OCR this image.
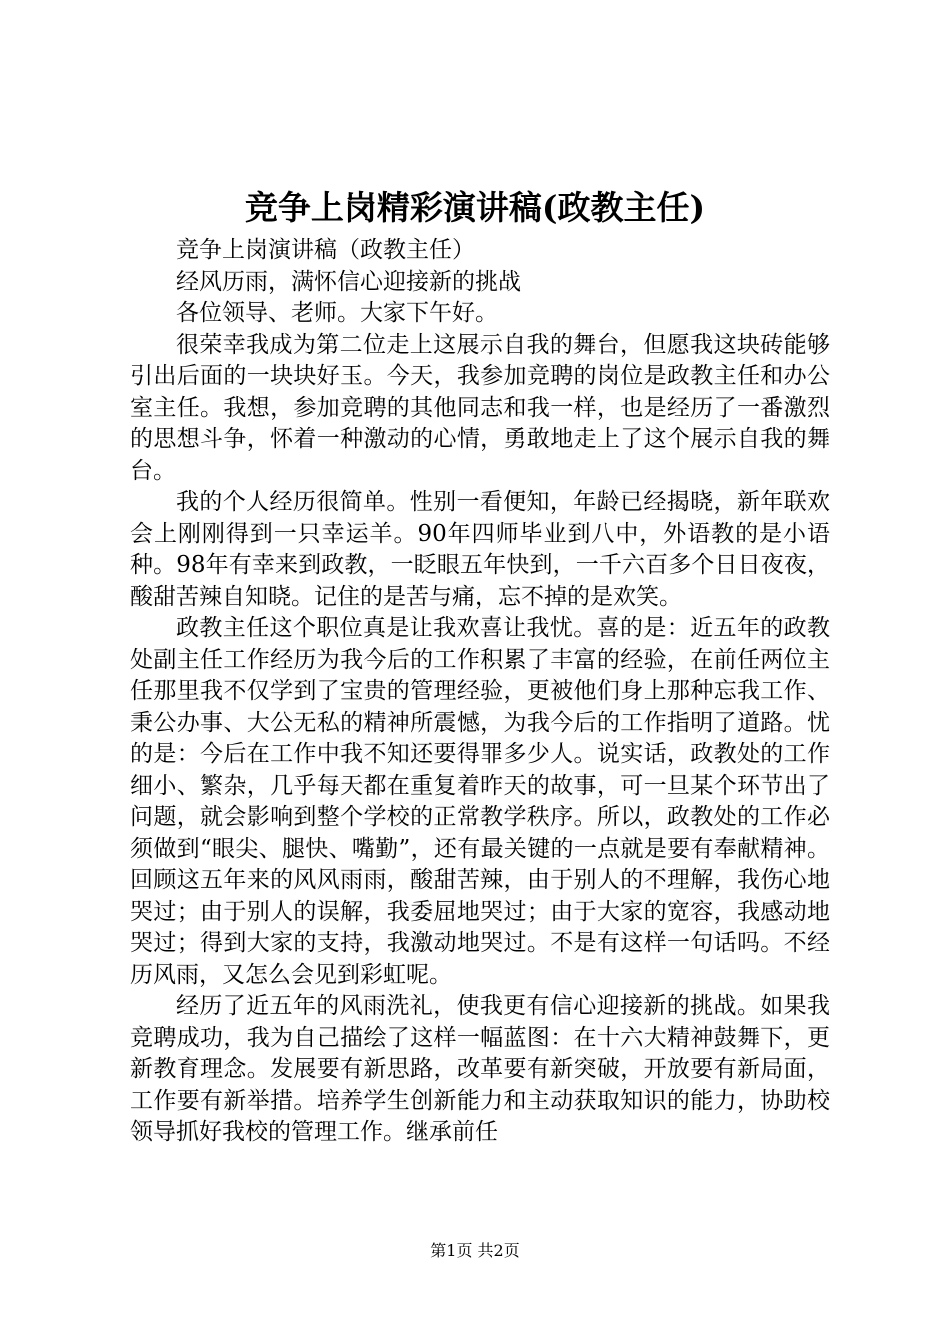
竞争上岗精彩演讲稿(政教主任)

竞争上岗演讲稿（政教主任）

经风历雨，满怀信心迎接新的挑战

各位领导、老师。大家下午好。

很荣幸我成为第二位走上这展示自我的舞台，但愿我这块砖能够引出后面的一块块好玉。今天，我参加竞聘的岗位是政教主任和办公室主任。我想，参加竞聘的其他同志和我一样，也是经历了一番激烈的思想斗争，怀着一种激动的心情，勇敢地走上了这个展示自我的舞台。

我的个人经历很简单。性别一看便知，年龄已经揭晓，新年联欢会上刚刚得到一只幸运羊。90年四师毕业到八中，外语教的是小语种。98年有幸来到政教，一眨眼五年快到，一千六百多个日日夜夜，酸甜苦辣自知晓。记住的是苦与痛，忘不掉的是欢笑。

政教主任这个职位真是让我欢喜让我忧。喜的是：近五年的政教处副主任工作经历为我今后的工作积累了丰富的经验，在前任两位主任那里我不仅学到了宝贵的管理经验，更被他们身上那种忘我工作、秉公办事、大公无私的精神所震憾，为我今后的工作指明了道路。忧的是：今后在工作中我不知还要得罪多少人。说实话，政教处的工作细小、繁杂，几乎每天都在重复着昨天的故事，可一旦某个环节出了问题，就会影响到整个学校的正常教学秩序。所以，政教处的工作必须做到“眼尖、腿快、嘴勤”，还有最关键的一点就是要有奉献精神。回顾这五年来的风风雨雨，酸甜苦辣，由于别人的不理解，我伤心地哭过；由于别人的误解，我委屈地哭过；由于大家的宽容，我感动地哭过；得到大家的支持，我激动地哭过。不是有这样一句话吗。不经历风雨，又怎么会见到彩虹呢。

经历了近五年的风雨洗礼，使我更有信心迎接新的挑战。如果我竞聘成功，我为自己描绘了这样一幅蓝图：在十六大精神鼓舞下，更新教育理念。发展要有新思路，改革要有新突破，开放要有新局面，工作要有新举措。培养学生创新能力和主动获取知识的能力，协助校领导抓好我校的管理工作。继承前任

第1页 共2页
